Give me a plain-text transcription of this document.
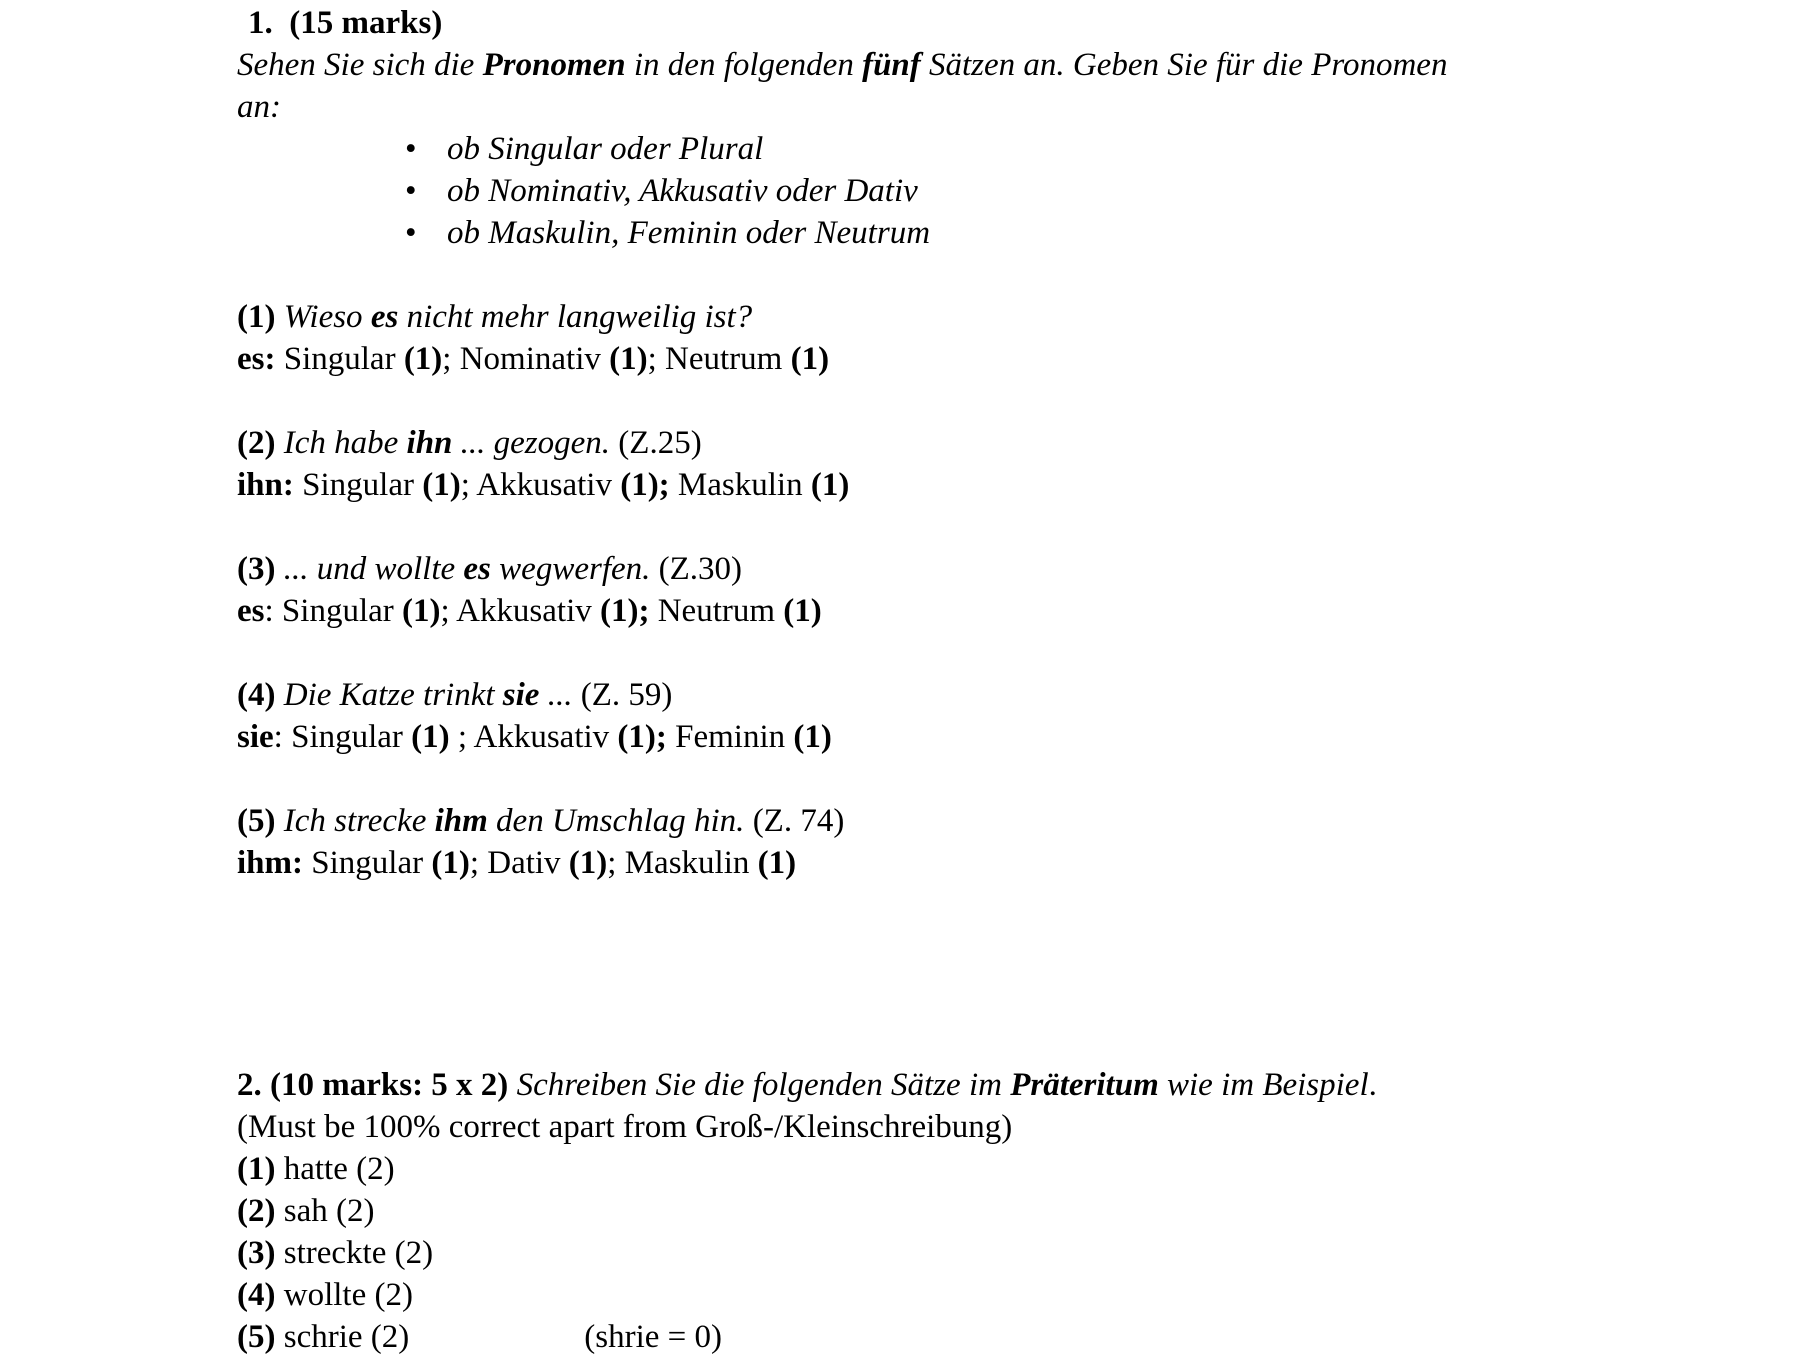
1.  (15 marks)
Sehen Sie sich die Pronomen in den folgenden fünf Sätzen an. Geben Sie für die Pronomen
an:
• ob Singular oder Plural
• ob Nominativ, Akkusativ oder Dativ
• ob Maskulin, Feminin oder Neutrum
(1) Wieso es nicht mehr langweilig ist?
es: Singular (1); Nominativ (1); Neutrum (1)
(2) Ich habe ihn ... gezogen. (Z.25)
ihn: Singular (1); Akkusativ (1); Maskulin (1)
(3) ... und wollte es wegwerfen. (Z.30)
es: Singular (1); Akkusativ (1); Neutrum (1)
(4) Die Katze trinkt sie ... (Z. 59)
sie: Singular (1) ; Akkusativ (1); Feminin (1)
(5) Ich strecke ihm den Umschlag hin. (Z. 74)
ihm: Singular (1); Dativ (1); Maskulin (1)
2. (10 marks: 5 x 2) Schreiben Sie die folgenden Sätze im Präteritum wie im Beispiel.
(Must be 100% correct apart from Groß-/Kleinschreibung)
(1) hatte (2)
(2) sah (2)
(3) streckte (2)
(4) wollte (2)
(5) schrie (2)	(shrie = 0)
